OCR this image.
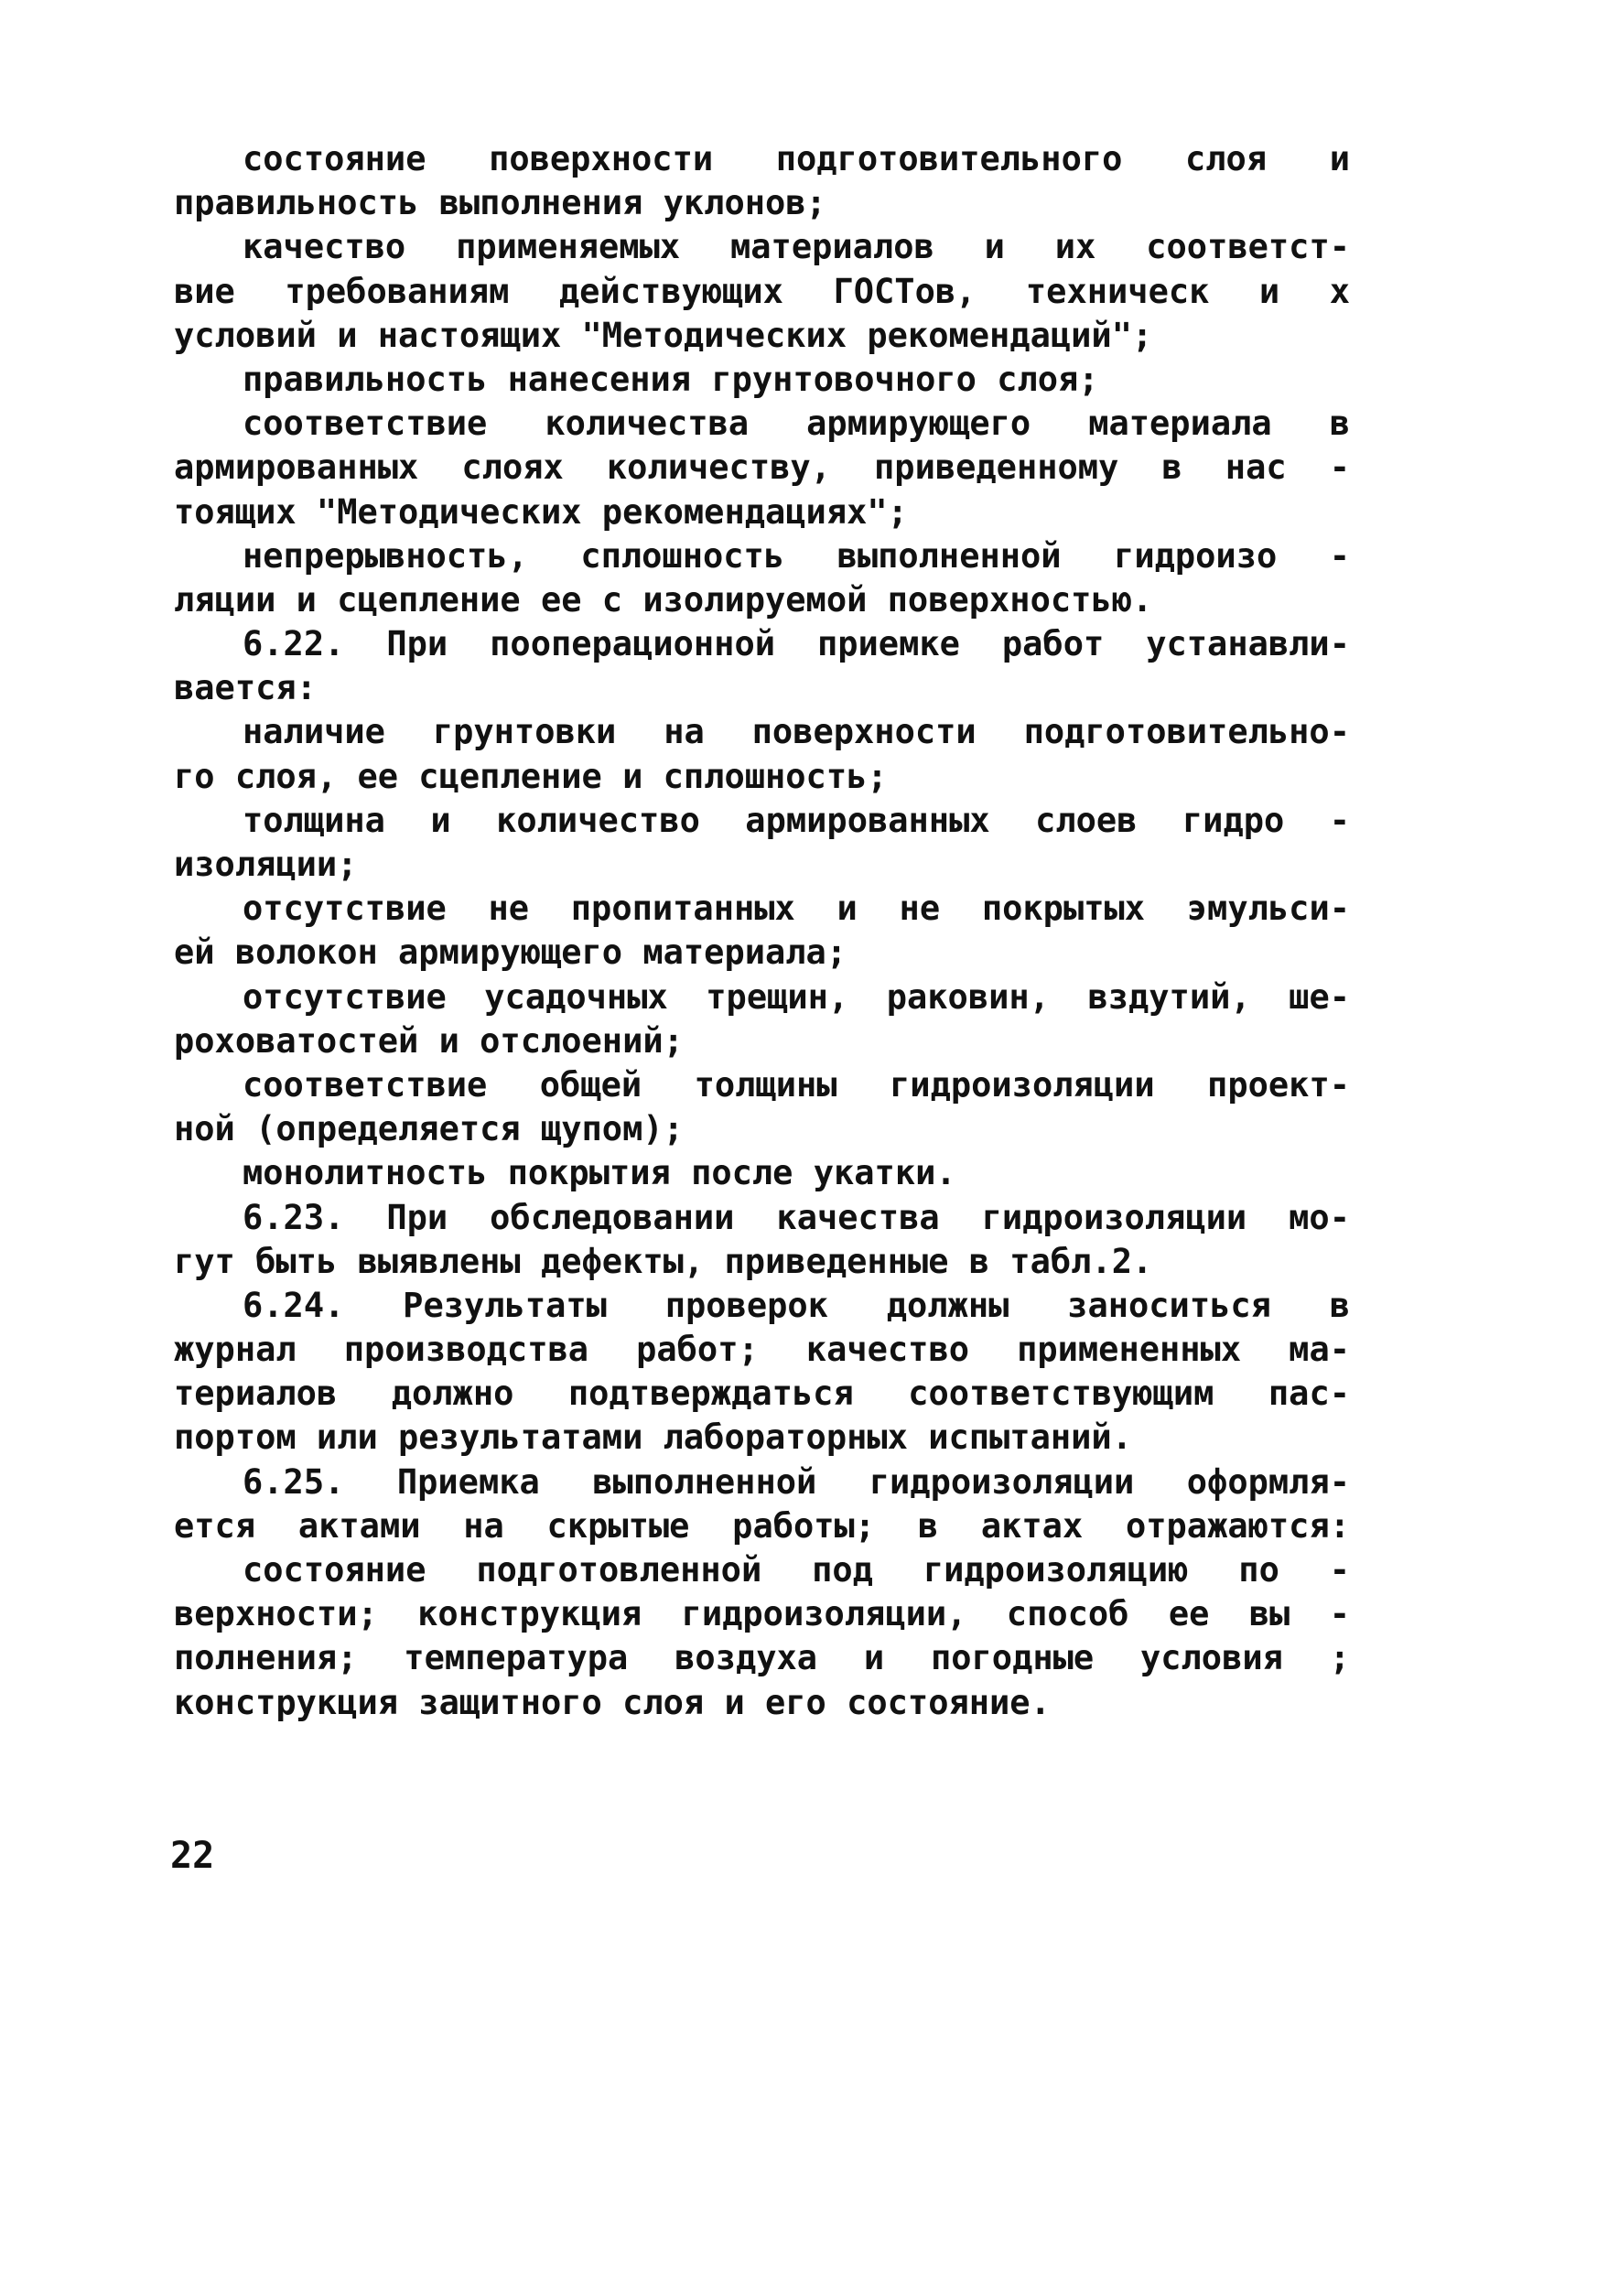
состояние поверхности подготовительного слоя и
правильность выполнения уклонов;
качество применяемых материалов и их соответст-
вие требованиям действующих ГОСТов, техническ и х
условий и настоящих "Методических рекомендаций";
правильность нанесения грунтовочного слоя;
соответствие количества армирующего материала в
армированных слоях количеству, приведенному в нас -
тоящих "Методических рекомендациях";
непрерывность, сплошность выполненной гидроизо -
ляции и сцепление ее с изолируемой поверхностью.
6.22. При пооперационной приемке работ устанавли-
вается:
наличие грунтовки на поверхности подготовительно-
го слоя, ее сцепление и сплошность;
толщина и количество армированных слоев гидро -
изоляции;
отсутствие не пропитанных и не покрытых эмульси-
ей волокон армирующего материала;
отсутствие усадочных трещин, раковин, вздутий, ше-
роховатостей и отслоений;
соответствие общей толщины гидроизоляции проект-
ной (определяется щупом);
монолитность покрытия после укатки.
6.23. При обследовании качества гидроизоляции мо-
гут быть выявлены дефекты, приведенные в табл.2.
6.24. Результаты проверок должны заноситься в
журнал производства работ; качество примененных ма-
териалов должно подтверждаться соответствующим пас-
портом или результатами лабораторных испытаний.
6.25. Приемка выполненной гидроизоляции оформля-
ется актами на скрытые работы; в актах отражаются:
состояние подготовленной под гидроизоляцию по -
верхности; конструкция гидроизоляции, способ ее вы -
полнения; температура воздуха и погодные условия ;
конструкция защитного слоя и его состояние.
22
